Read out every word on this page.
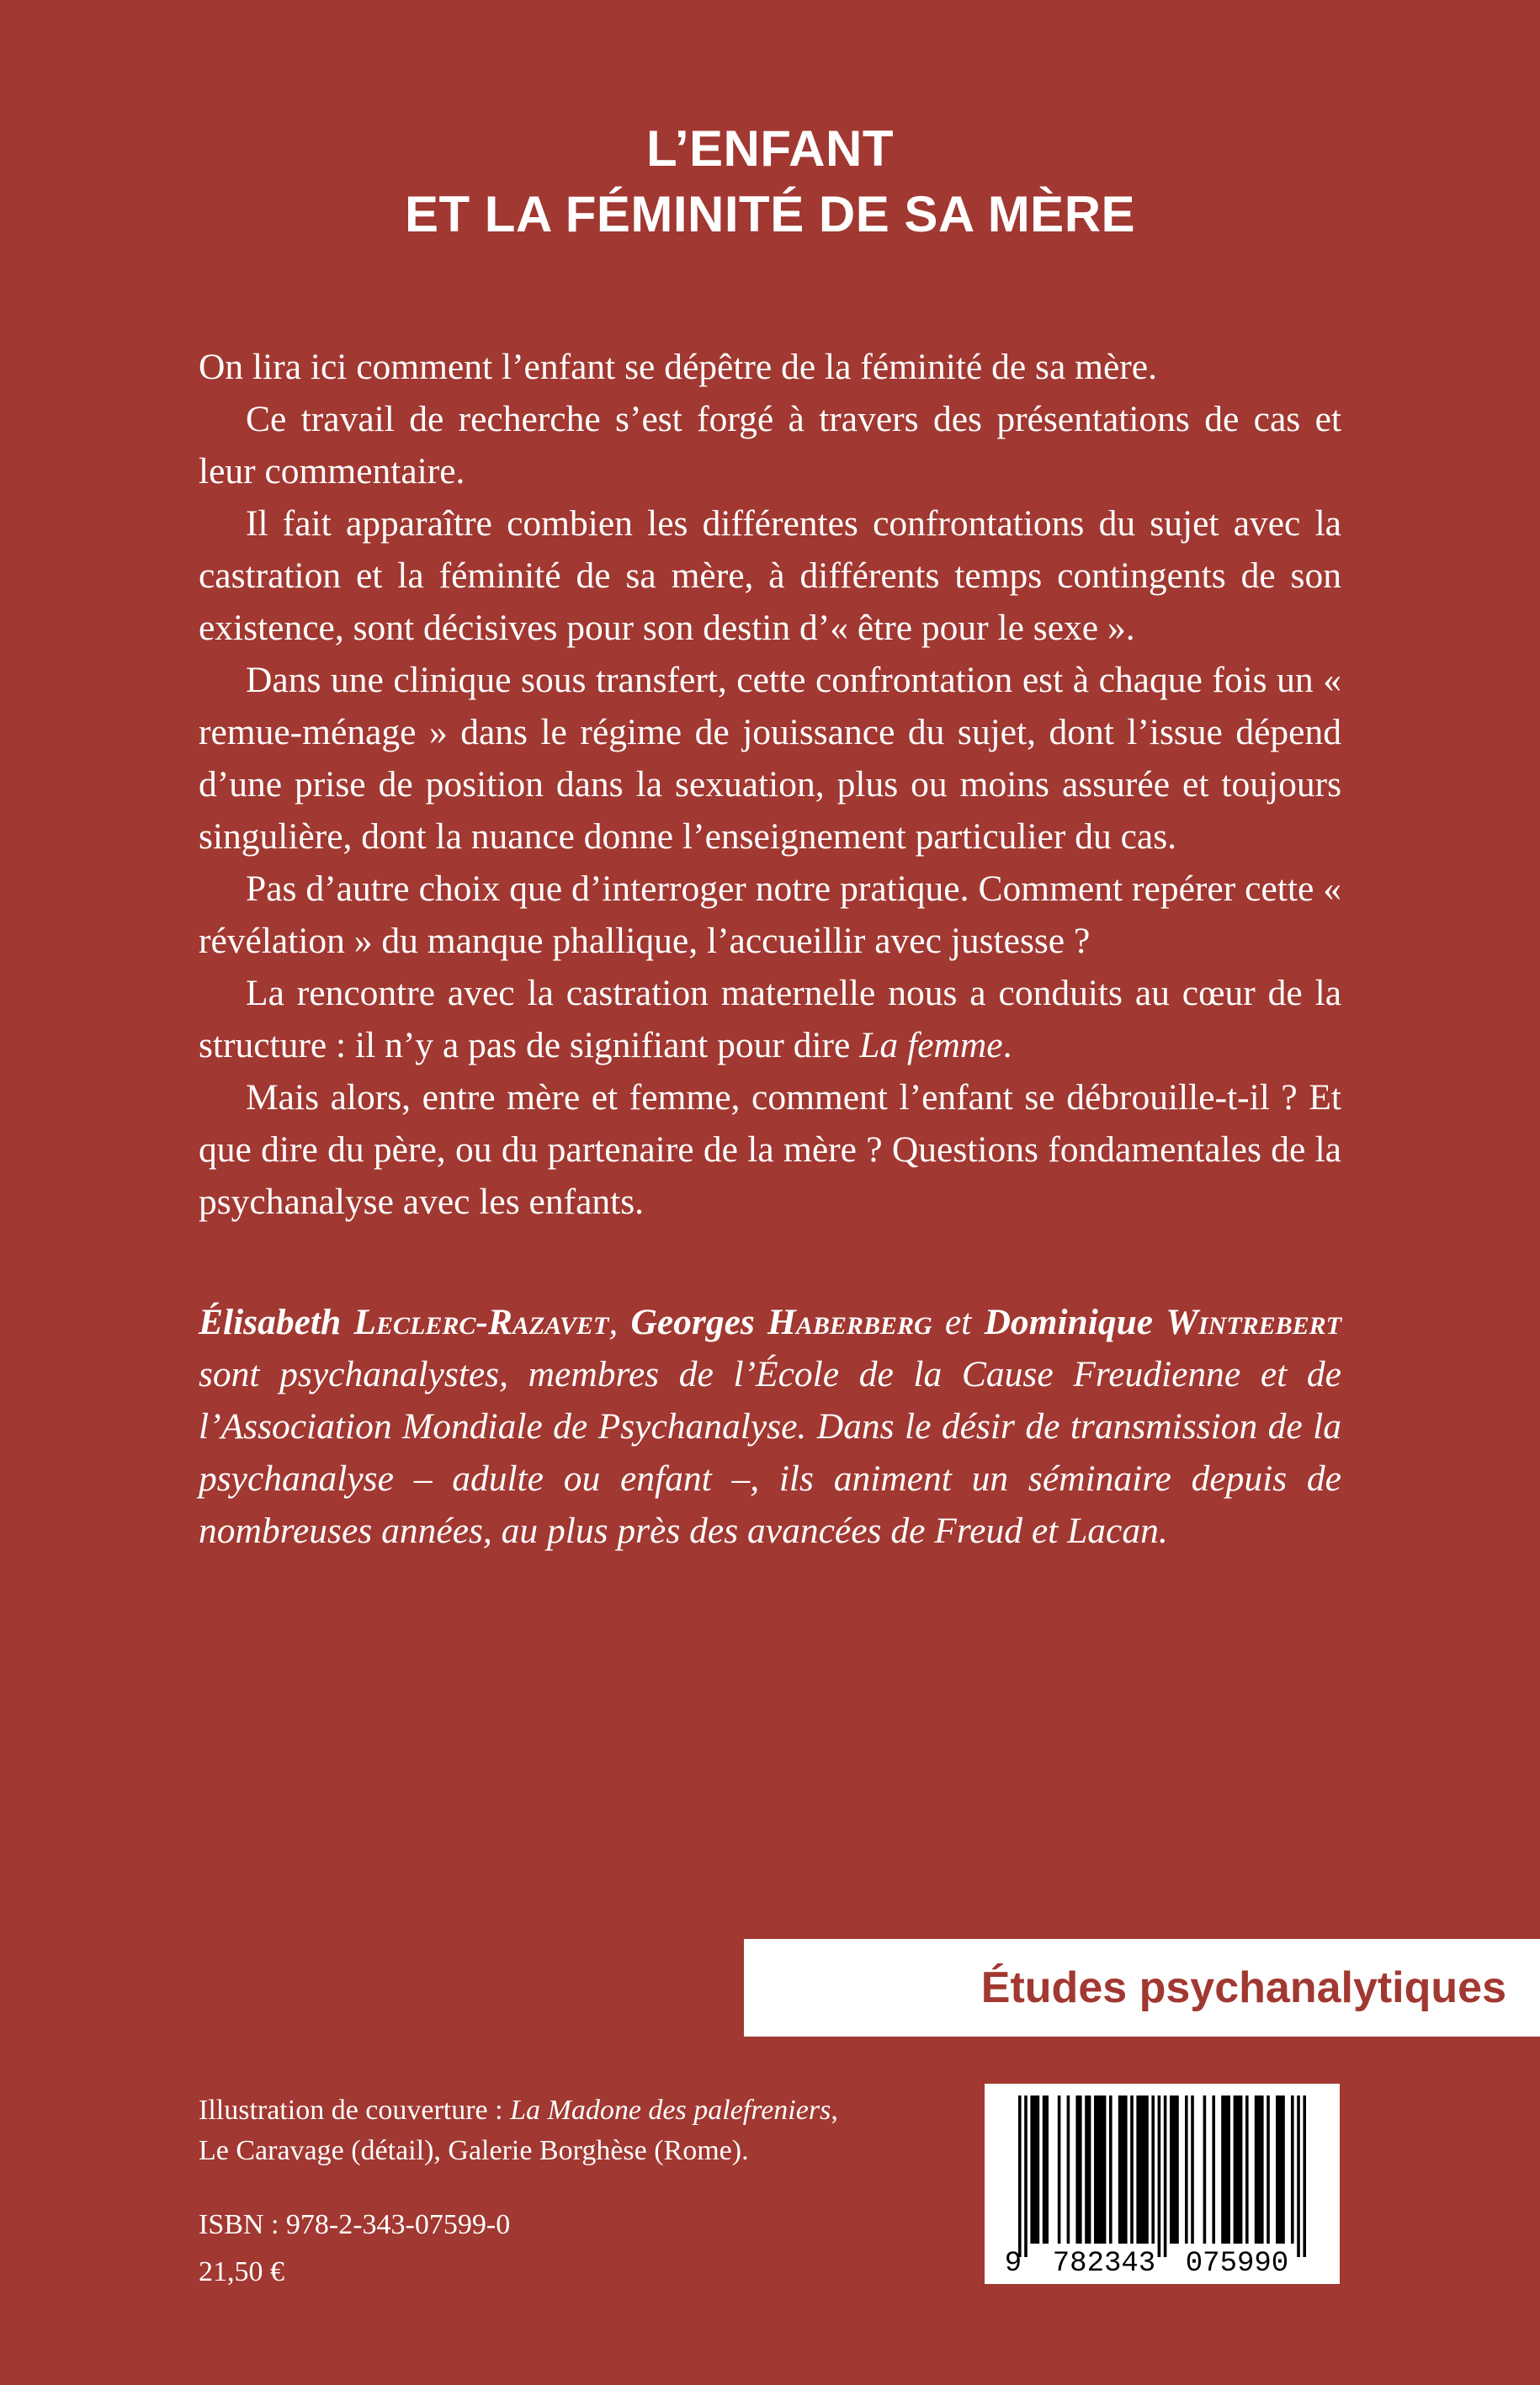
L’ENFANT
ET LA FÉMINITÉ DE SA MÈRE

On lira ici comment l’enfant se dépêtre de la féminité de sa mère.

Ce travail de recherche s’est forgé à travers des présentations de cas et leur commentaire.

Il fait apparaître combien les différentes confrontations du sujet avec la castration et la féminité de sa mère, à différents temps contingents de son existence, sont décisives pour son destin d’« être pour le sexe ».

Dans une clinique sous transfert, cette confrontation est à chaque fois un « remue-ménage » dans le régime de jouissance du sujet, dont l’issue dépend d’une prise de position dans la sexuation, plus ou moins assurée et toujours singulière, dont la nuance donne l’enseignement particulier du cas.

Pas d’autre choix que d’interroger notre pratique. Comment repérer cette « révélation » du manque phallique, l’accueillir avec justesse ?

La rencontre avec la castration maternelle nous a conduits au cœur de la structure : il n’y a pas de signifiant pour dire La femme.

Mais alors, entre mère et femme, comment l’enfant se débrouille-t-il ? Et que dire du père, ou du partenaire de la mère ? Questions fondamentales de la psychanalyse avec les enfants.

Élisabeth Leclerc-Razavet, Georges Haberberg et Dominique Wintrebert sont psychanalystes, membres de l’École de la Cause Freudienne et de l’Association Mondiale de Psychanalyse. Dans le désir de transmission de la psychanalyse – adulte ou enfant –, ils animent un séminaire depuis de nombreuses années, au plus près des avancées de Freud et Lacan.
Études psychanalytiques
Illustration de couverture : La Madone des palefreniers,
Le Caravage (détail), Galerie Borghèse (Rome).
ISBN : 978-2-343-07599-0
21,50 €	9 782343 075990
